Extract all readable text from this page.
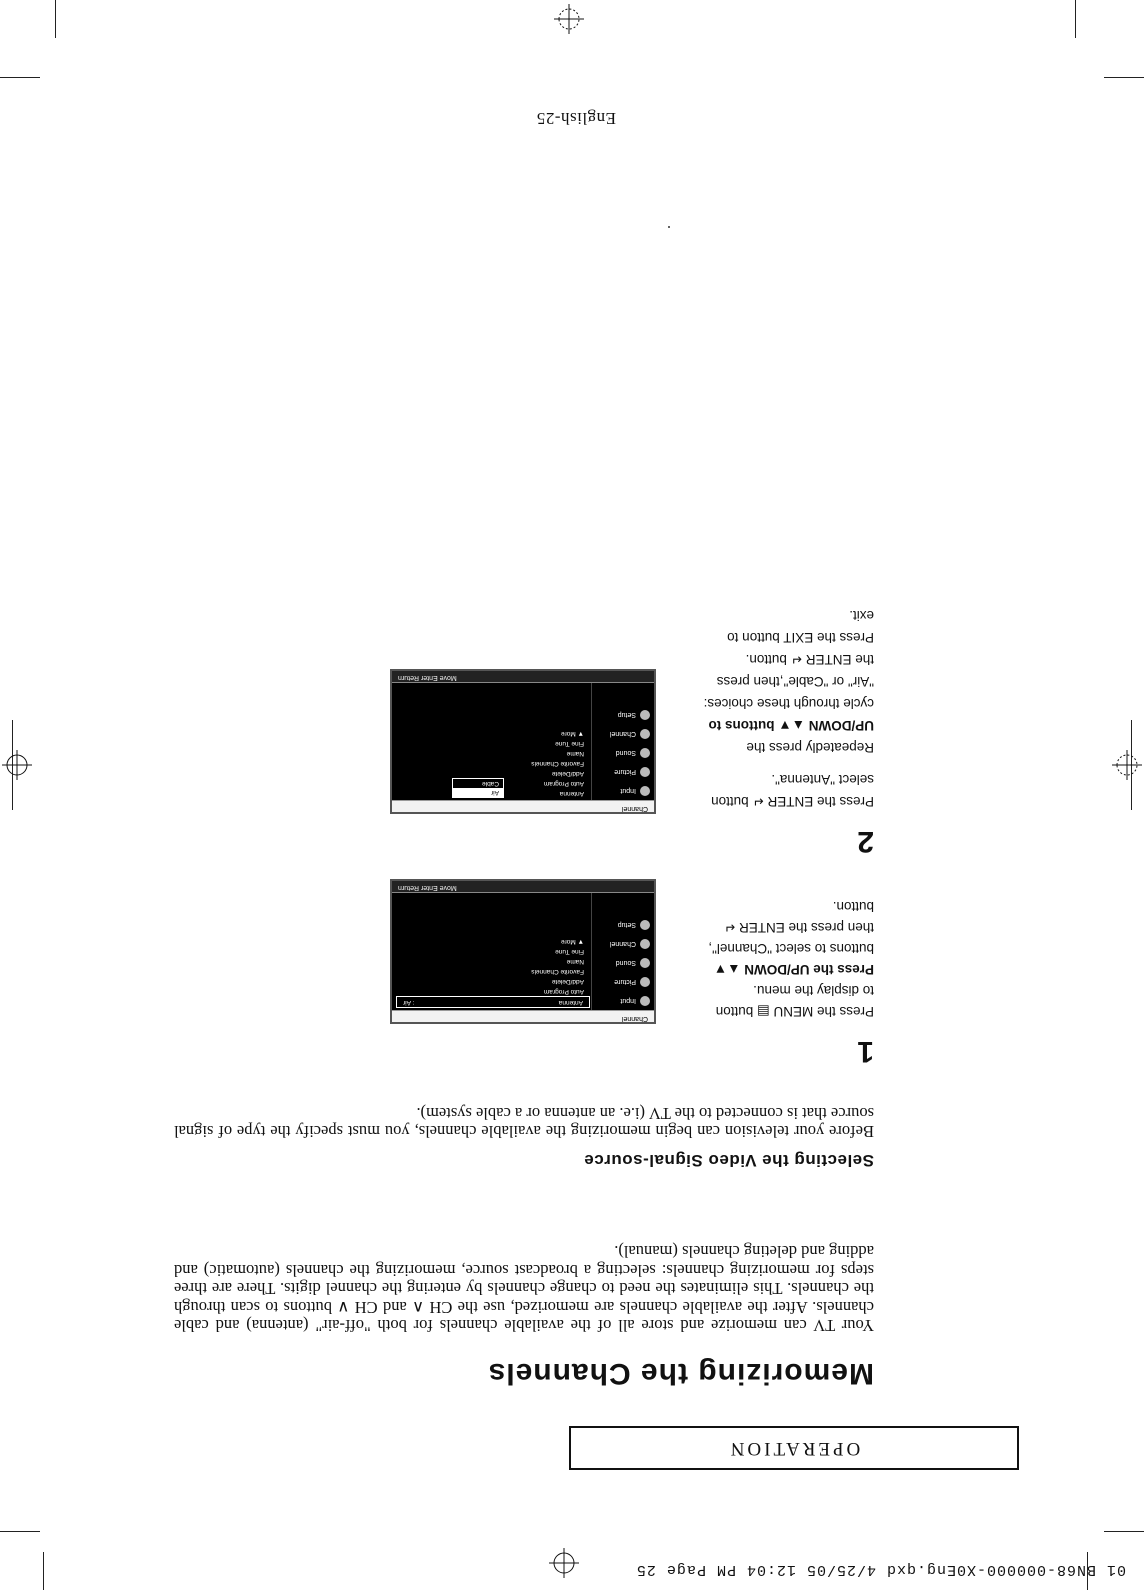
01 BN68-000000-X0Eng.qxd 4/25/05 12:04 PM Page 25
OPERATION
Memorizing the Channels
Your TV can memorize and store all of the available channels for both "off-air" (antenna) and cable channels. After the available channels are memorized, use the CH ∧ and CH ∨ buttons to scan through the channels. This eliminates the need to change channels by entering the channel digits. There are three steps for memorizing channels: selecting a broadcast source, memorizing the channels (automatic) and adding and deleting channels (manual).
Selecting the Video Signal-source
Before your television can begin memorizing the available channels, you must specify the type of signal source that is connected to the TV (i.e. an antenna or a cable system).
1
Press the MENU ▤ button
to display the menu.
Press the UP/DOWN ▲▼
buttons to select "Channel",
then press the ENTER ↵
button.
Channel
Input
Picture
Sound
Channel
Setup
Antenna
: Air
Auto Program
Add/Delete
Favorite Channels
Name
Fine Tune
▼ More
Move Enter Return
2
Press the ENTER ↵ button
select "Antenna".
Repeatedly press the
UP/DOWN ▲▼ buttons to
cycle through these choices:
"Air" or "Cable",then press
the ENTER ↵ button.
Press the EXIT button to
exit.
Channel
Input
Picture
Sound
Channel
Setup
Antenna
Auto Program
Add/Delete
Favorite Channels
Name
Fine Tune
▼ More
Air
Cable
Move Enter Return
English-25
